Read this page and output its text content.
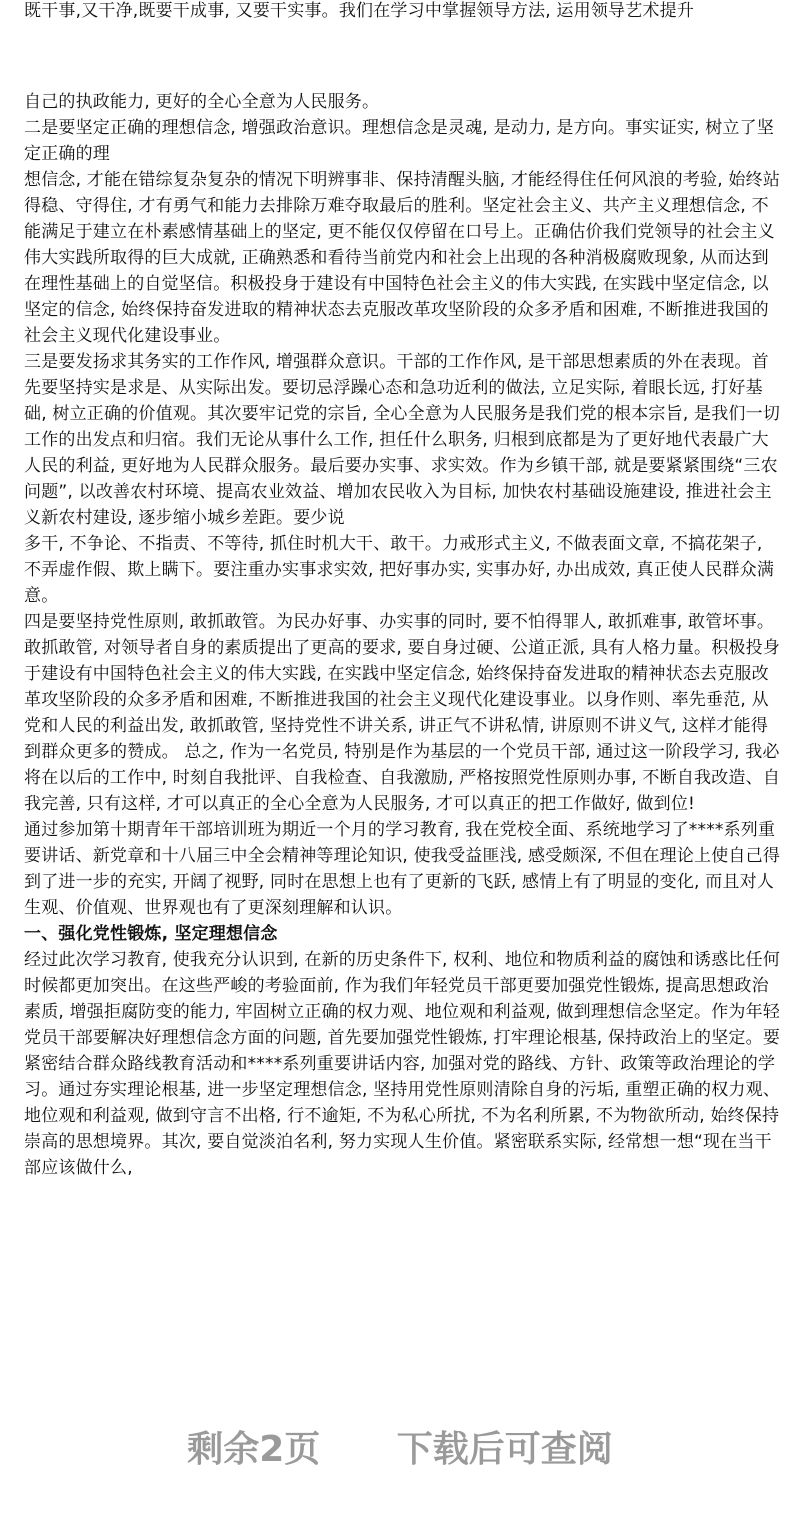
既干事,又干净,既要干成事, 又要干实事。我们在学习中掌握领导方法, 运用领导艺术提升

自己的执政能力, 更好的全心全意为人民服务。

二是要坚定正确的理想信念, 增强政治意识。理想信念是灵魂, 是动力, 是方向。事实证实, 树立了坚定正确的理

想信念, 才能在错综复杂复杂的情况下明辨事非、保持清醒头脑, 才能经得住任何风浪的考验, 始终站得稳、守得住, 才有勇气和能力去排除万难夺取最后的胜利。坚定社会主义、共产主义理想信念, 不能满足于建立在朴素感情基础上的坚定, 更不能仅仅停留在口号上。正确估价我们党领导的社会主义伟大实践所取得的巨大成就, 正确熟悉和看待当前党内和社会上出现的各种消极腐败现象, 从而达到在理性基础上的自觉坚信。积极投身于建设有中国特色社会主义的伟大实践, 在实践中坚定信念, 以坚定的信念, 始终保持奋发进取的精神状态去克服改革攻坚阶段的众多矛盾和困难, 不断推进我国的社会主义现代化建设事业。

三是要发扬求其务实的工作作风, 增强群众意识。干部的工作作风, 是干部思想素质的外在表现。首先要坚持实是求是、从实际出发。要切忌浮躁心态和急功近利的做法, 立足实际, 着眼长远, 打好基础, 树立正确的价值观。其次要牢记党的宗旨, 全心全意为人民服务是我们党的根本宗旨, 是我们一切工作的出发点和归宿。我们无论从事什么工作, 担任什么职务, 归根到底都是为了更好地代表最广大人民的利益, 更好地为人民群众服务。最后要办实事、求实效。作为乡镇干部, 就是要紧紧围绕“三农问题”, 以改善农村环境、提高农业效益、增加农民收入为目标, 加快农村基础设施建设, 推进社会主义新农村建设, 逐步缩小城乡差距。要少说

多干, 不争论、不指责、不等待, 抓住时机大干、敢干。力戒形式主义, 不做表面文章, 不搞花架子, 不弄虚作假、欺上瞒下。要注重办实事求实效, 把好事办实, 实事办好, 办出成效, 真正使人民群众满意。

四是要坚持党性原则, 敢抓敢管。为民办好事、办实事的同时, 要不怕得罪人, 敢抓难事, 敢管坏事。敢抓敢管, 对领导者自身的素质提出了更高的要求, 要自身过硬、公道正派, 具有人格力量。积极投身于建设有中国特色社会主义的伟大实践, 在实践中坚定信念, 始终保持奋发进取的精神状态去克服改革攻坚阶段的众多矛盾和困难, 不断推进我国的社会主义现代化建设事业。以身作则、率先垂范, 从党和人民的利益出发, 敢抓敢管, 坚持党性不讲关系, 讲正气不讲私情, 讲原则不讲义气, 这样才能得到群众更多的赞成。 总之, 作为一名党员, 特别是作为基层的一个党员干部, 通过这一阶段学习, 我必将在以后的工作中, 时刻自我批评、自我检查、自我激励, 严格按照党性原则办事, 不断自我改造、自我完善, 只有这样, 才可以真正的全心全意为人民服务, 才可以真正的把工作做好, 做到位!

通过参加第十期青年干部培训班为期近一个月的学习教育, 我在党校全面、系统地学习了****系列重要讲话、新党章和十八届三中全会精神等理论知识, 使我受益匪浅, 感受颇深, 不但在理论上使自己得到了进一步的充实, 开阔了视野, 同时在思想上也有了更新的飞跃, 感情上有了明显的变化, 而且对人生观、价值观、世界观也有了更深刻理解和认识。

一、强化党性锻炼, 坚定理想信念

经过此次学习教育, 使我充分认识到, 在新的历史条件下, 权利、地位和物质利益的腐蚀和诱惑比任何时候都更加突出。在这些严峻的考验面前, 作为我们年轻党员干部更要加强党性锻炼, 提高思想政治素质, 增强拒腐防变的能力, 牢固树立正确的权力观、地位观和利益观, 做到理想信念坚定。作为年轻党员干部要解决好理想信念方面的问题, 首先要加强党性锻炼, 打牢理论根基, 保持政治上的坚定。要紧密结合群众路线教育活动和****系列重要讲话内容, 加强对党的路线、方针、政策等政治理论的学习。通过夯实理论根基, 进一步坚定理想信念, 坚持用党性原则清除自身的污垢, 重塑正确的权力观、地位观和利益观, 做到守言不出格, 行不逾矩, 不为私心所扰, 不为名利所累, 不为物欲所动, 始终保持崇高的思想境界。其次, 要自觉淡泊名利, 努力实现人生价值。紧密联系实际, 经常想一想“现在当干部应该做什么,

剩余2页 下载后可查阅
